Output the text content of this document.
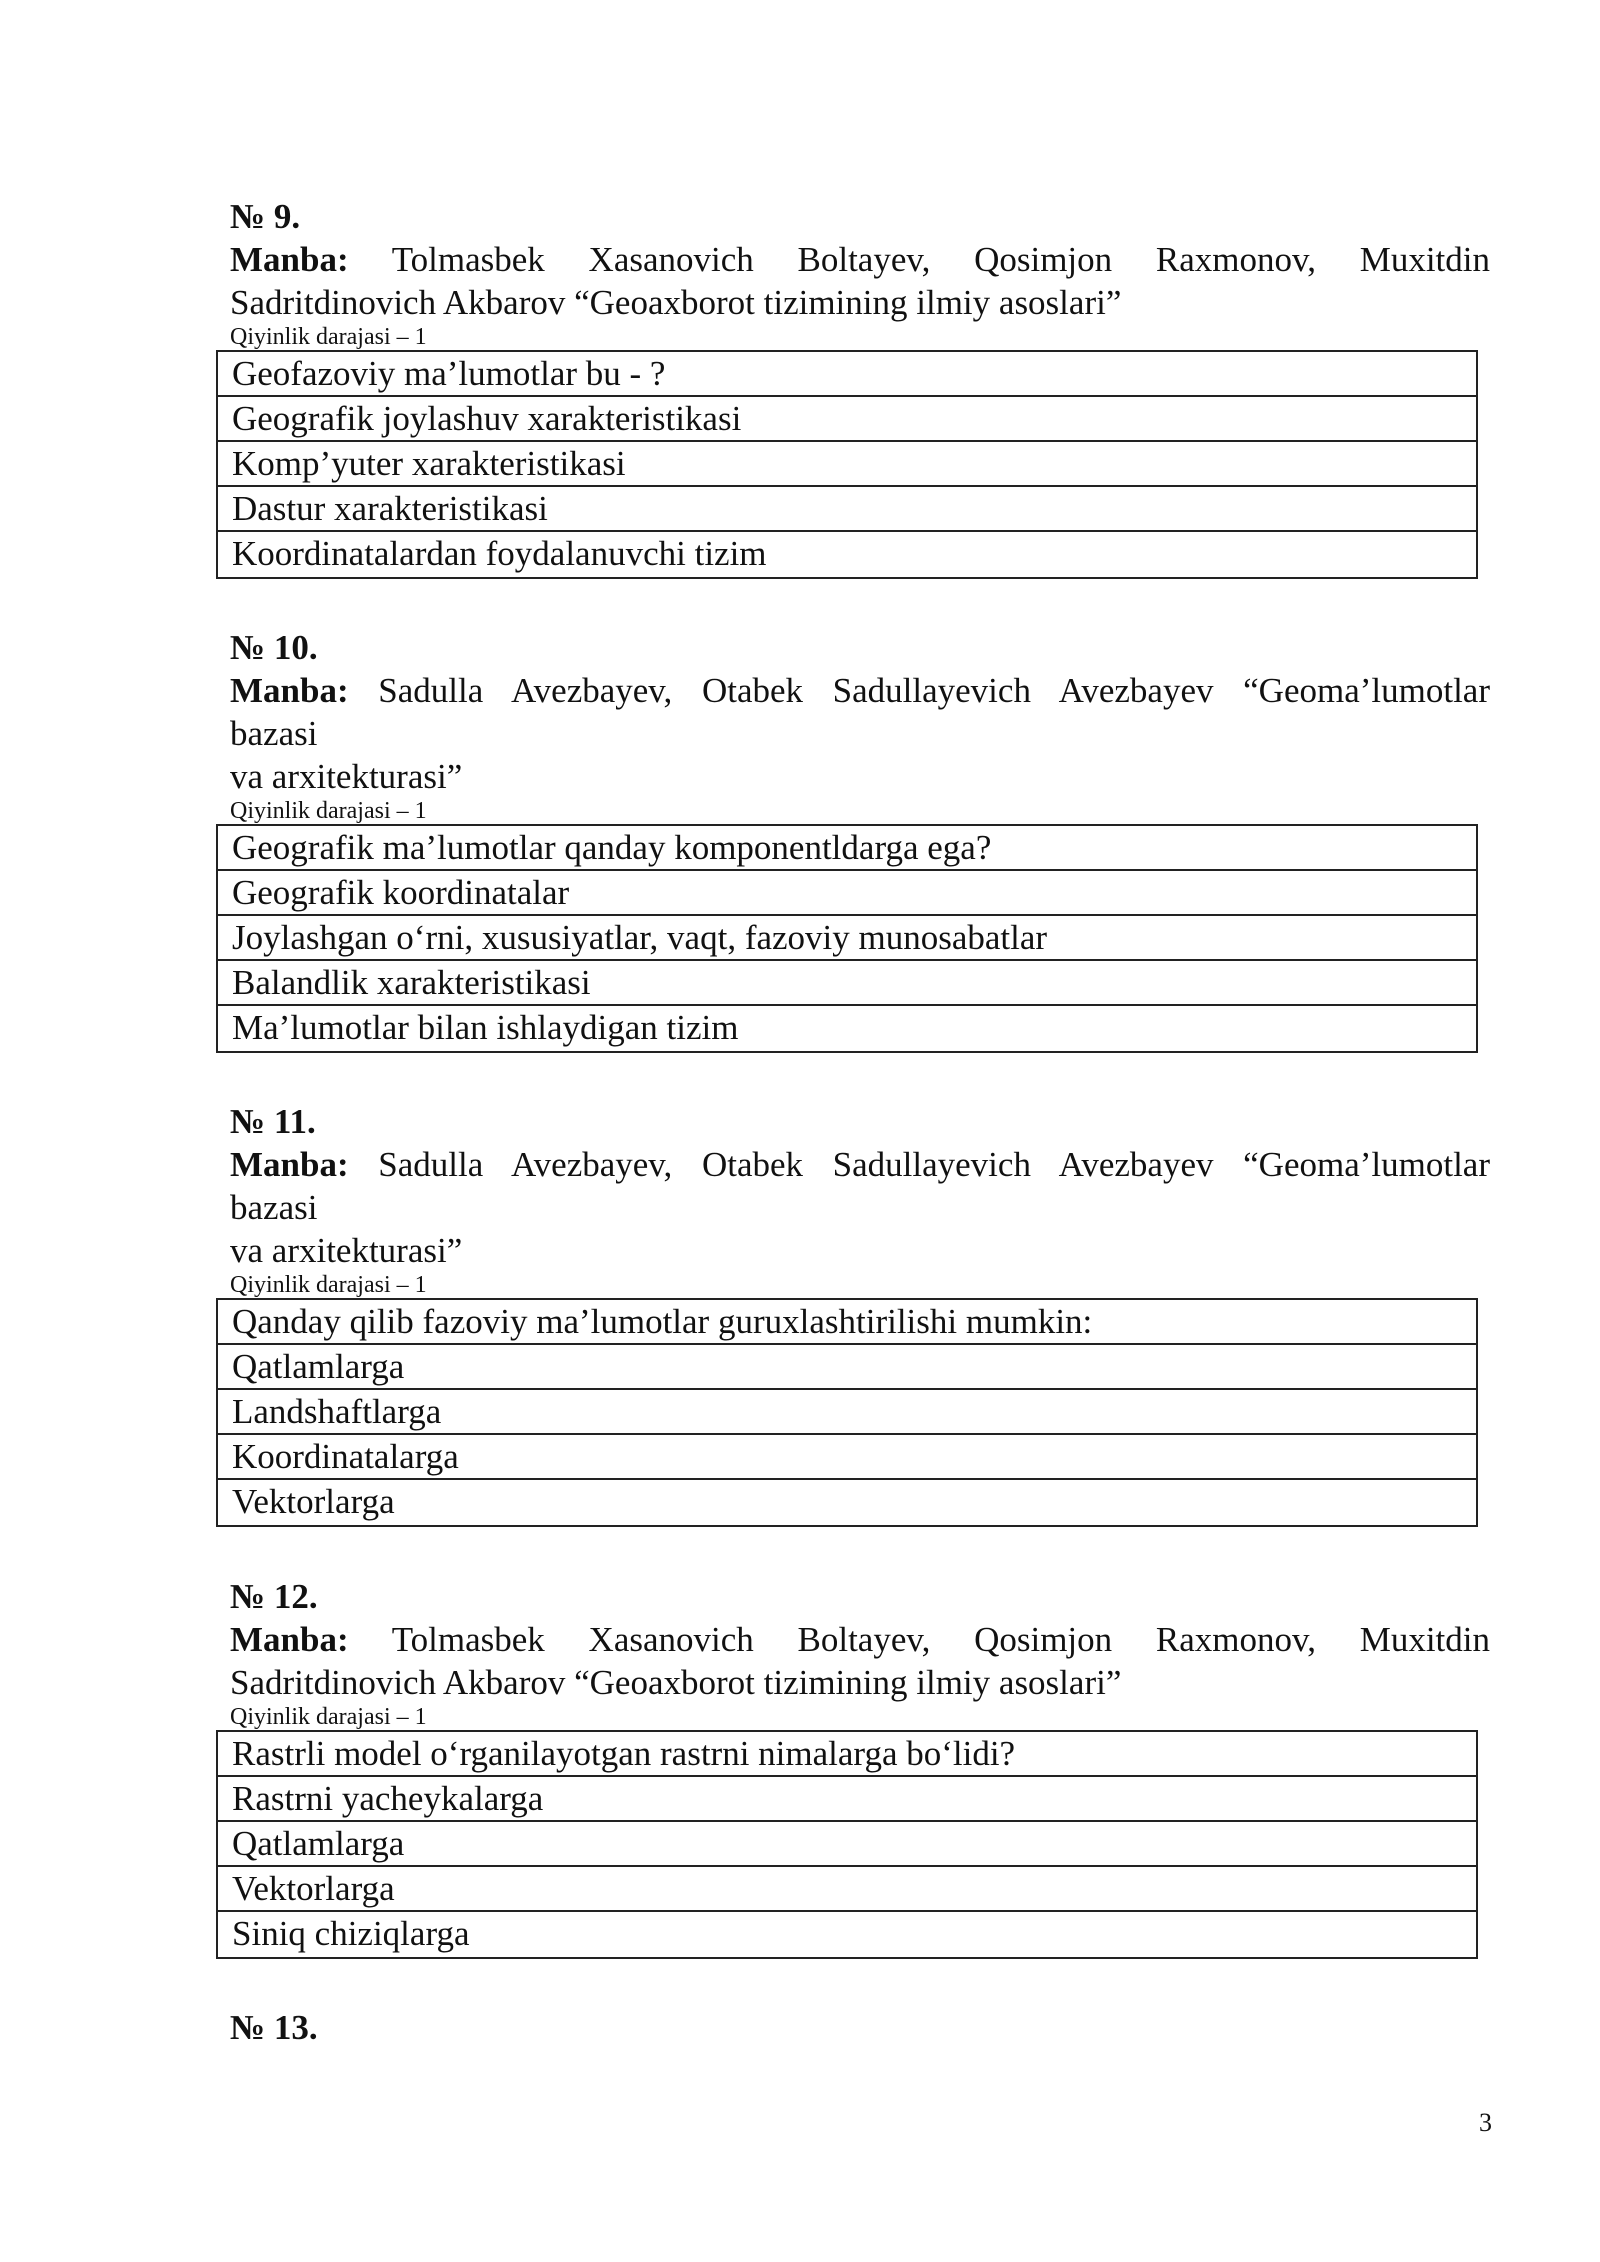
№ 9.

Manba: Tolmasbek Xasanovich Boltayev, Qosimjon Raxmonov, Muxitdin
Sadritdinovich Akbarov “Geoaxborot tizimining ilmiy asoslari”

Qiyinlik darajasi – 1

Geofazoviy ma’lumotlar bu - ?
Geografik joylashuv xarakteristikasi
Komp’yuter xarakteristikasi
Dastur xarakteristikasi
Koordinatalardan foydalanuvchi tizim

№ 10.

Manba: Sadulla Avezbayev, Otabek Sadullayevich Avezbayev “Geoma’lumotlar
bazasi
va arxitekturasi”

Qiyinlik darajasi – 1

Geografik ma’lumotlar qanday komponentldarga ega?
Geografik koordinatalar
Joylashgan o‘rni, xususiyatlar, vaqt, fazoviy munosabatlar
Balandlik xarakteristikasi
Ma’lumotlar bilan ishlaydigan tizim

№ 11.

Manba: Sadulla Avezbayev, Otabek Sadullayevich Avezbayev “Geoma’lumotlar
bazasi
va arxitekturasi”

Qiyinlik darajasi – 1

Qanday qilib fazoviy ma’lumotlar guruxlashtirilishi mumkin:
Qatlamlarga
Landshaftlarga
Koordinatalarga
Vektorlarga

№ 12.

Manba: Tolmasbek Xasanovich Boltayev, Qosimjon Raxmonov, Muxitdin
Sadritdinovich Akbarov “Geoaxborot tizimining ilmiy asoslari”

Qiyinlik darajasi – 1

Rastrli model o‘rganilayotgan rastrni nimalarga bo‘lidi?
Rastrni yacheykalarga
Qatlamlarga
Vektorlarga
Siniq chiziqlarga

№ 13.

3
